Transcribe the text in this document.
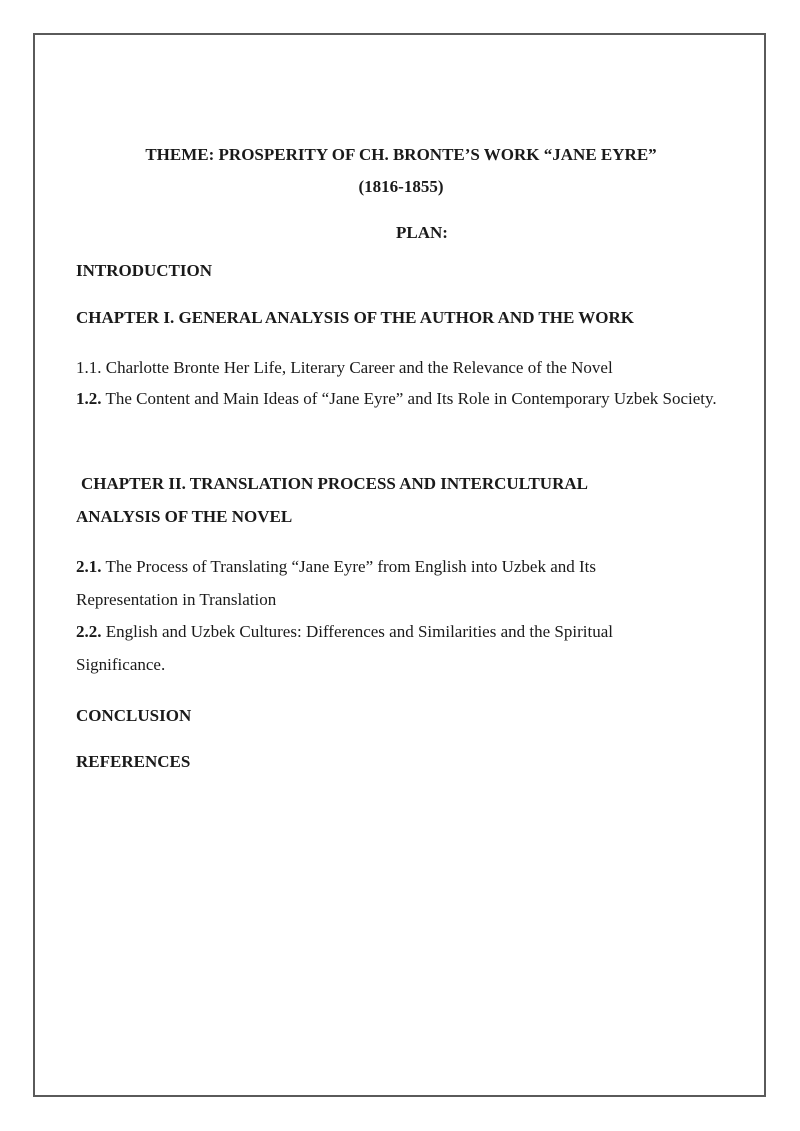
THEME: PROSPERITY OF CH. BRONTE’S WORK “JANE EYRE”
(1816-1855)
PLAN:
INTRODUCTION
CHAPTER I. GENERAL ANALYSIS OF THE AUTHOR AND THE WORK
1.1. Charlotte Bronte Her Life, Literary Career and the Relevance of the Novel
1.2. The Content and Main Ideas of “Jane Eyre” and Its Role in Contemporary Uzbek Society.
CHAPTER II. TRANSLATION PROCESS AND INTERCULTURAL
ANALYSIS OF THE NOVEL
2.1. The Process of Translating “Jane Eyre” from English into Uzbek and Its Representation in Translation
2.2. English and Uzbek Cultures: Differences and Similarities and the Spiritual Significance.
CONCLUSION
REFERENCES
